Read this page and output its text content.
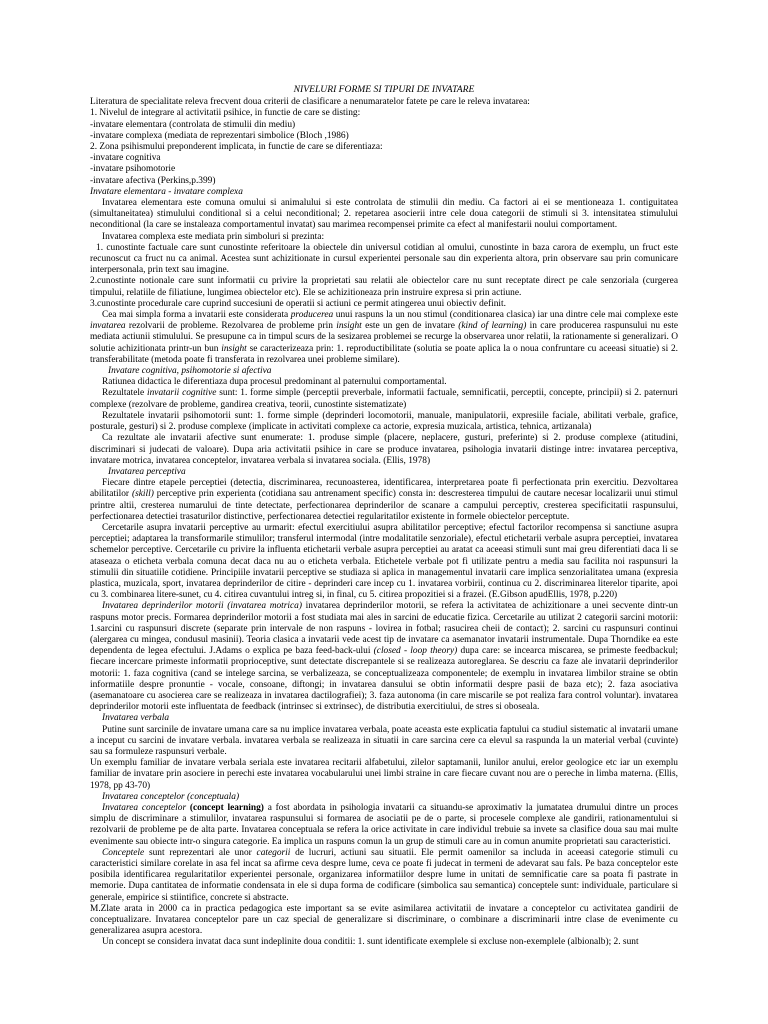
NIVELURI FORME SI TIPURI DE INVATARE

Literatura de specialitate releva frecvent doua criterii de clasificare a nenumaratelor fatete pe care le releva invatarea:

1. Nivelul de integrare al activitatii psihice, in functie de care se disting:

-invatare elementara (controlata de stimulii din mediu)

-invatare complexa (mediata de reprezentari simbolice (Bloch ,1986)

2. Zona psihismului preponderent implicata, in functie de care se diferentiaza:

-invatare cognitiva

-invatare psihomotorie

-invatare afectiva (Perkins,p.399)

Invatare elementara - invatare complexa

Invatarea elementara este comuna omului si animalului si este controlata de stimulii din mediu. Ca factori ai ei se mentioneaza 1. contiguitatea (simultaneitatea) stimulului conditional si a celui neconditional; 2. repetarea asocierii intre cele doua categorii de stimuli si 3. intensitatea stimulului neconditional (la care se instaleaza comportamentul invatat) sau marimea recompensei primite ca efect al manifestarii noului comportament.

Invatarea complexa este mediata prin simboluri si prezinta:

1. cunostinte factuale care sunt cunostinte referitoare la obiectele din universul cotidian al omului, cunostinte in baza carora de exemplu, un fruct este recunoscut ca fruct nu ca animal. Acestea sunt achizitionate in cursul experientei personale sau din experienta altora, prin observare sau prin comunicare interpersonala, prin text sau imagine.

2.cunostinte notionale care sunt informatii cu privire la proprietati sau relatii ale obiectelor care nu sunt receptate direct pe cale senzoriala (curgerea timpului, relatiile de filiatiune, lungimea obiectelor etc). Ele se achizitioneaza prin instruire expresa si prin actiune.

3.cunostinte procedurale care cuprind succesiuni de operatii si actiuni ce permit atingerea unui obiectiv definit.

Cea mai simpla forma a invatarii este considerata producerea unui raspuns la un nou stimul (conditionarea clasica) iar una dintre cele mai complexe este invatarea rezolvarii de probleme. Rezolvarea de probleme prin insight este un gen de invatare (kind of learning) in care producerea raspunsului nu este mediata actiunii stimulului. Se presupune ca in timpul scurs de la sesizarea problemei se recurge la observarea unor relatii, la rationamente si generalizari. O solutie achizitionata printr-un bun insight se caracterizeaza prin: 1. reproductibilitate (solutia se poate aplica la o noua confruntare cu aceeasi situatie) si 2. transferabilitate (metoda poate fi transferata in rezolvarea unei probleme similare).

Invatare cognitiva, psihomotorie si afectiva

Ratiunea didactica le diferentiaza dupa procesul predominant al paternului comportamental.

Rezultatele invatarii cognitive sunt: 1. forme simple (perceptii preverbale, informatii factuale, semnificatii, perceptii, concepte, principii) si 2. paternuri complexe (rezolvare de probleme, gandirea creativa, teorii, cunostinte sistematizate)

Rezultatele invatarii psihomotorii sunt: 1. forme simple (deprinderi locomotorii, manuale, manipulatorii, expresiile faciale, abilitati verbale, grafice, posturale, gesturi) si 2. produse complexe (implicate in activitati complexe ca actorie, expresia muzicala, artistica, tehnica, artizanala)

Ca rezultate ale invatarii afective sunt enumerate: 1. produse simple (placere, neplacere, gusturi, preferinte) si 2. produse complexe (atitudini, discriminari si judecati de valoare). Dupa aria activitatii psihice in care se produce invatarea, psihologia invatarii distinge intre: invatarea perceptiva, invatare motrica, invatarea conceptelor, invatarea verbala si invatarea sociala. (Ellis, 1978)

Invatarea perceptiva

Fiecare dintre etapele perceptiei (detectia, discriminarea, recunoasterea, identificarea, interpretarea poate fi perfectionata prin exercitiu. Dezvoltarea abilitatilor (skill) perceptive prin experienta (cotidiana sau antrenament specific) consta in: descresterea timpului de cautare necesar localizarii unui stimul printre altii, cresterea numarului de tinte detectate, perfectionarea deprinderilor de scanare a campului perceptiv, cresterea specificitatii raspunsului, perfectionarea detectiei trasaturilor distinctive, perfectionarea detectiei regularitatilor existente in formele obiectelor perceptute.

Cercetarile asupra invatarii perceptive au urmarit: efectul exercitiului asupra abilitatilor perceptive; efectul factorilor recompensa si sanctiune asupra perceptiei; adaptarea la transformarile stimulilor; transferul intermodal (intre modalitatile senzoriale), efectul etichetarii verbale asupra perceptiei, invatarea schemelor perceptive. Cercetarile cu privire la influenta etichetarii verbale asupra perceptiei au aratat ca aceeasi stimuli sunt mai greu diferentiati daca li se ataseaza o eticheta verbala comuna decat daca nu au o eticheta verbala. Etichetele verbale pot fi utilizate pentru a media sau facilita noi raspunsuri la stimulii din situatiile cotidiene. Principiile invatarii perceptive se studiaza si aplica in managementul invatarii care implica senzorialitatea umana (expresia plastica, muzicala, sport, invatarea deprinderilor de citire - deprinderi care incep cu 1. invatarea vorbirii, continua cu 2. discriminarea literelor tiparite, apoi cu 3. combinarea litere-sunet, cu 4. citirea cuvantului intreg si, in final, cu 5. citirea propozitiei si a frazei. (E.Gibson apudEllis, 1978, p.220)

Invatarea deprinderilor motorii (invatarea motrica) invatarea deprinderilor motorii, se refera la activitatea de achizitionare a unei secvente dintr-un raspuns motor precis. Formarea deprinderilor motorii a fost studiata mai ales in sarcini de educatie fizica. Cercetarile au utilizat 2 categorii sarcini motorii: 1.sarcini cu raspunsuri discrete (separate prin intervale de non raspuns - lovirea in fotbal; rasucirea cheii de contact); 2. sarcini cu raspunsuri continui (alergarea cu mingea, condusul masinii). Teoria clasica a invatarii vede acest tip de invatare ca asemanator invatarii instrumentale. Dupa Thorndike ea este dependenta de legea efectului. J.Adams o explica pe baza feed-back-ului (closed - loop theory) dupa care: se incearca miscarea, se primeste feedbackul; fiecare incercare primeste informatii proprioceptive, sunt detectate discrepantele si se realizeaza autoreglarea. Se descriu ca faze ale invatarii deprinderilor motorii: 1. faza cognitiva (cand se intelege sarcina, se verbalizeaza, se conceptualizeaza componentele; de exemplu in invatarea limbilor straine se obtin informatiile despre pronuntie - vocale, consoane, diftongi; in invatarea dansului se obtin informatii despre pasii de baza etc); 2. faza asociativa (asemanatoare cu asocierea care se realizeaza in invatarea dactilografiei); 3. faza autonoma (in care miscarile se pot realiza fara control voluntar). invatarea deprinderilor motorii este influentata de feedback (intrinsec si extrinsec), de distributia exercitiului, de stres si oboseala.

Invatarea verbala

Putine sunt sarcinile de invatare umana care sa nu implice invatarea verbala, poate aceasta este explicatia faptului ca studiul sistematic al invatarii umane a inceput cu sarcini de invatare verbala. invatarea verbala se realizeaza in situatii in care sarcina cere ca elevul sa raspunda la un material verbal (cuvinte) sau sa formuleze raspunsuri verbale.

Un exemplu familiar de invatare verbala seriala este invatarea recitarii alfabetului, zilelor saptamanii, lunilor anului, erelor geologice etc iar un exemplu familiar de invatare prin asociere in perechi este invatarea vocabularului unei limbi straine in care fiecare cuvant nou are o pereche in limba materna. (Ellis, 1978, pp 43-70)

Invatarea conceptelor (conceptuala)

Invatarea conceptelor (concept learning) a fost abordata in psihologia invatarii ca situandu-se aproximativ la jumatatea drumului dintre un proces simplu de discriminare a stimulilor, invatarea raspunsului si formarea de asociatii pe de o parte, si procesele complexe ale gandirii, rationamentului si rezolvarii de probleme pe de alta parte. Invatarea conceptuala se refera la orice activitate in care individul trebuie sa invete sa clasifice doua sau mai multe evenimente sau obiecte intr-o singura categorie. Ea implica un raspuns comun la un grup de stimuli care au in comun anumite proprietati sau caracteristici.

Conceptele sunt reprezentari ale unor categorii de lucruri, actiuni sau situatii. Ele permit oamenilor sa includa in aceeasi categorie stimuli cu caracteristici similare corelate in asa fel incat sa afirme ceva despre lume, ceva ce poate fi judecat in termeni de adevarat sau fals. Pe baza conceptelor este posibila identificarea regularitatilor experientei personale, organizarea informatiilor despre lume in unitati de semnificatie care sa poata fi pastrate in memorie. Dupa cantitatea de informatie condensata in ele si dupa forma de codificare (simbolica sau semantica) conceptele sunt: individuale, particulare si generale, empirice si stiintifice, concrete si abstracte.

M.Zlate arata in 2000 ca in practica pedagogica este important sa se evite asimilarea activitatii de invatare a conceptelor cu activitatea gandirii de conceptualizare. Invatarea conceptelor pare un caz special de generalizare si discriminare, o combinare a discriminarii intre clase de evenimente cu generalizarea asupra acestora.

Un concept se considera invatat daca sunt indeplinite doua conditii: 1. sunt identificate exemplele si excluse non-exemplele (albionalb); 2. sunt
